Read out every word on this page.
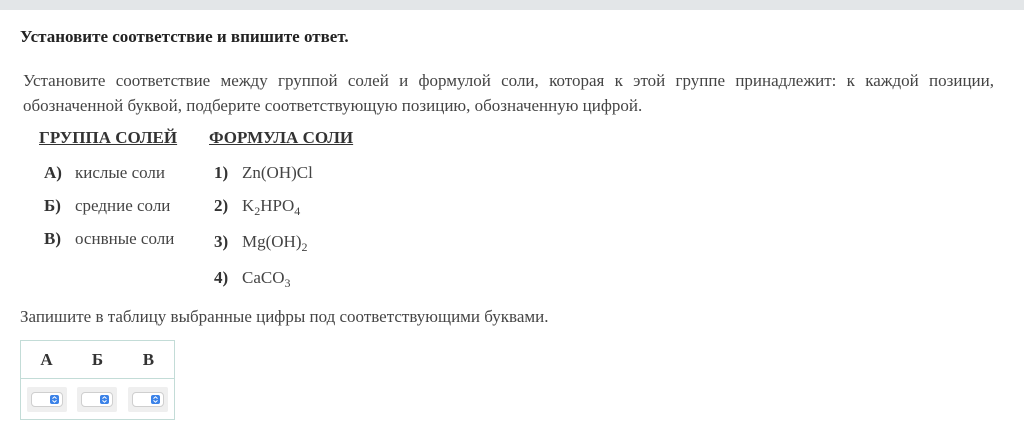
Установите соответствие и впишите ответ.
Установите соответствие между группой солей и формулой соли, которая к этой группе принадлежит: к каждой позиции, обозначенной буквой, подберите соответствующую позицию, обозначенную цифрой.
ГРУППА СОЛЕЙ ФОРМУЛА СОЛИ
А) кислые соли
Б) средние соли
В) оснвные соли
1) Zn(OH)Cl
2) $K_2HPO_4$
3) $Mg(OH)_2$
4) CaCO$_3$
Запишите в таблицу выбранные цифры под соответствующими буквами.
А	Б	В
